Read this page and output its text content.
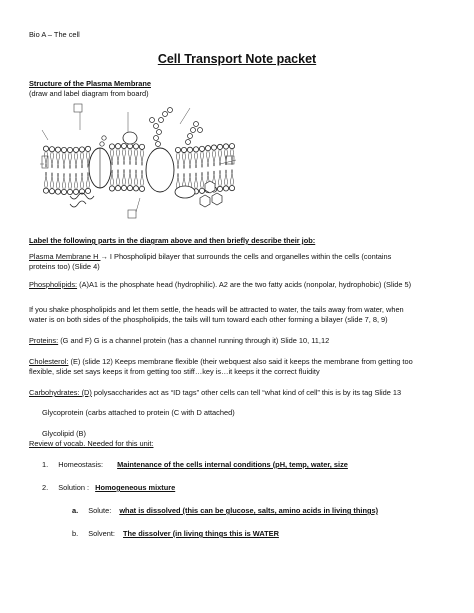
Bio A – The cell
Cell Transport Note packet
Structure of the Plasma Membrane
(draw and label diagram from board)
Label the following parts in the diagram above and then briefly describe their job:
Plasma Membrane H → I Phospholipid bilayer that surrounds the cells and organelles within the cells (contains
proteins too) (Slide 4)
Phospholipids: (A)A1 is the phosphate head (hydrophilic). A2 are the two fatty acids (nonpolar, hydrophobic) (Slide 5)
If you shake phospholipids and let them settle, the heads will be attracted to water, the tails away from water, when
water is on both sides of the phospholipids, the tails will turn toward each other forming a bilayer (slide 7, 8, 9)
Proteins: (G and F) G is a channel protein (has a channel running through it) Slide 10, 11,12
Cholesterol: (E) (slide 12) Keeps membrane flexible (their webquest also said it keeps the membrane from getting too
flexible, slide set says keeps it from getting too stiff…key is…it keeps it the correct fluidity
Carbohydrates: (D) polysaccharides act as “ID tags” other cells can tell “what kind of cell” this is by its tag Slide 13
Glycoprotein (carbs attached to protein (C with D attached)
Glycolipid (B)
Review of vocab. Needed for this unit:
1. Homeostasis: Maintenance of the cells internal conditions (pH, temp, water, size
2. Solution : Homogeneous mixture
a. Solute: what is dissolved (this can be glucose, salts, amino acids in living things)
b. Solvent: The dissolver (in living things this is WATER
